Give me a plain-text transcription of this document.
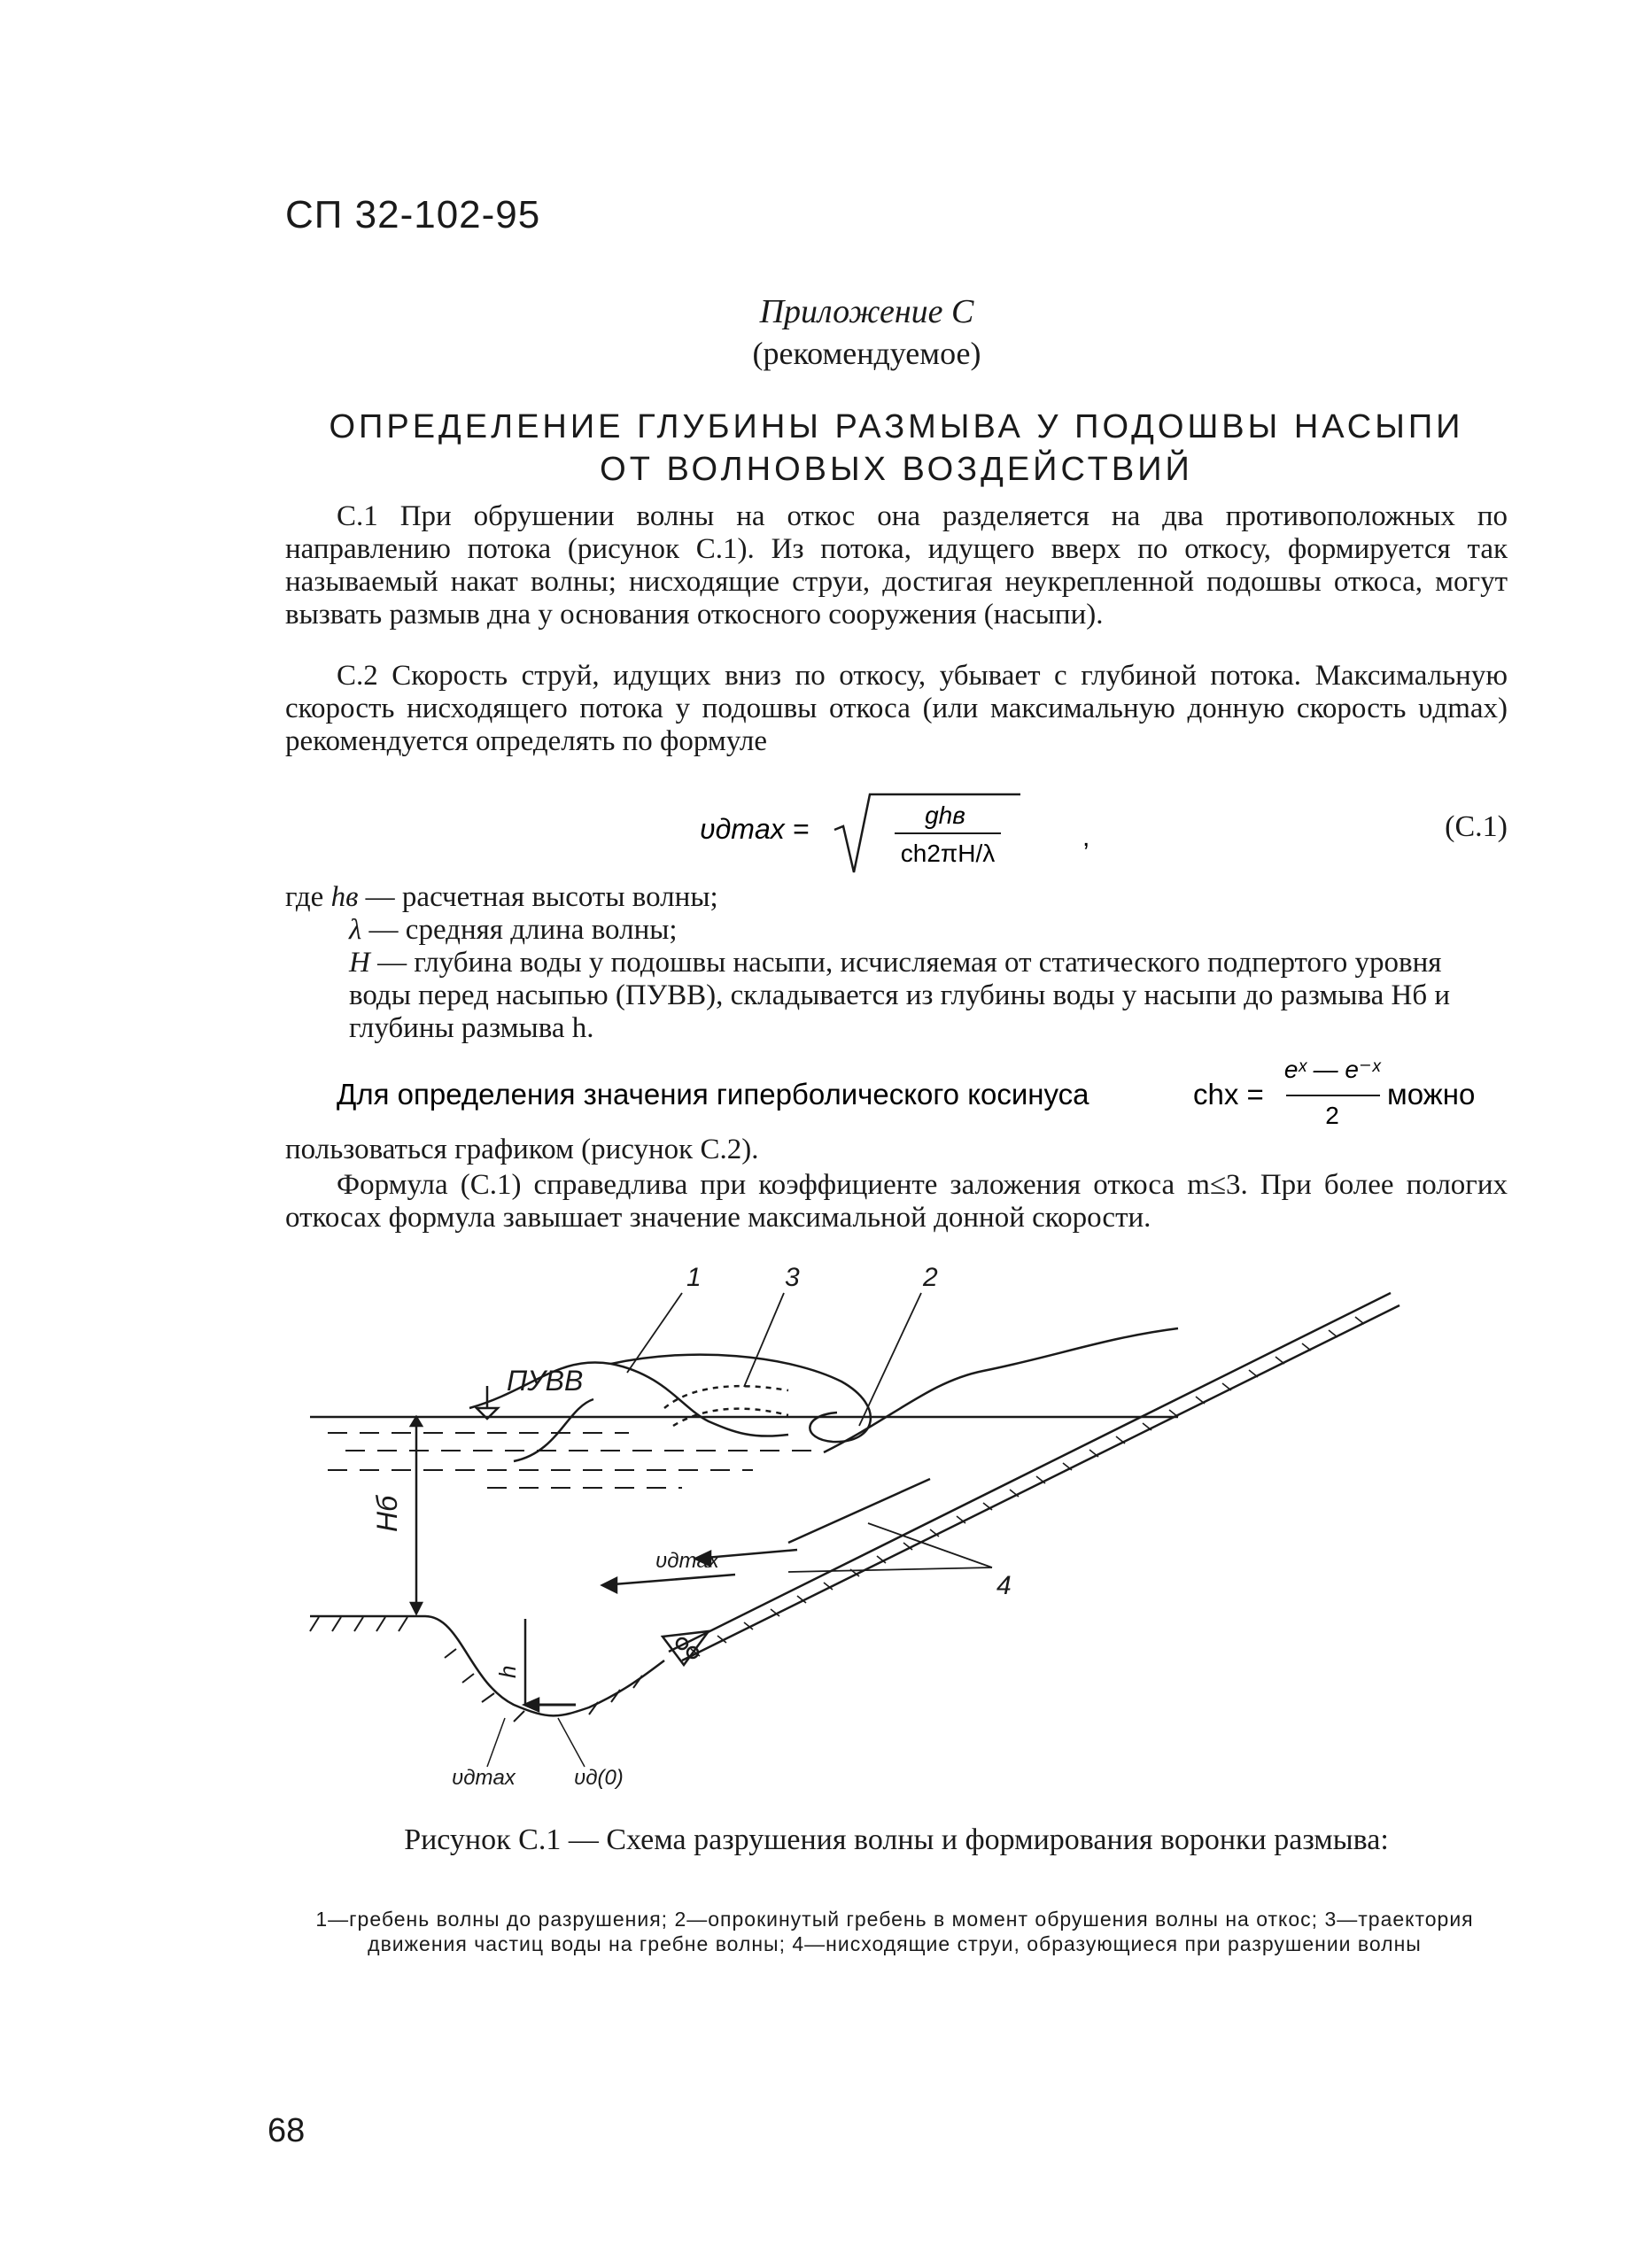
СП 32-102-95
Приложение С
(рекомендуемое)
ОПРЕДЕЛЕНИЕ ГЛУБИНЫ РАЗМЫВА У ПОДОШВЫ НАСЫПИ
ОТ ВОЛНОВЫХ ВОЗДЕЙСТВИЙ
С.1 При обрушении волны на откос она разделяется на два противоположных по направлению потока (рисунок С.1). Из потока, идущего вверх по откосу, формируется так называемый накат волны; нисходящие струи, достигая неукрепленной подошвы откоса, могут вызвать размыв дна у основания откосного сооружения (насыпи).
С.2 Скорость струй, идущих вниз по откосу, убывает с глубиной потока. Максимальную скорость нисходящего потока у подошвы откоса (или максимальную донную скорость υдmax) рекомендуется определять по формуле
υдmax =	ghв
ch2πH/λ
,	(С.1)
где hв — расчетная высоты волны;
λ — средняя длина волны;
H — глубина воды у подошвы насыпи, исчисляемая от статического подпертого уровня воды перед насыпью (ПУВВ), складывается из глубины воды у насыпи до размыва Hб и глубины размыва h.
Для определения значения гиперболического косинуса	chx =
eˣ — e⁻ˣ
2
можно
пользоваться графиком (рисунок С.2).
Формула (С.1) справедлива при коэффициенте заложения откоса m≤3. При более пологих откосах формула завышает значение максимальной донной скорости.
1	3	2
4
ПУВВ
Hб
h
υдmax
υдmax	υд(0)
Рисунок С.1 — Схема разрушения волны и формирования воронки размыва:
1—гребень волны до разрушения; 2—опрокинутый гребень в момент обрушения волны на откос; 3—траектория движения частиц воды на гребне волны; 4—нисходящие струи, образующиеся при разрушении волны
68
